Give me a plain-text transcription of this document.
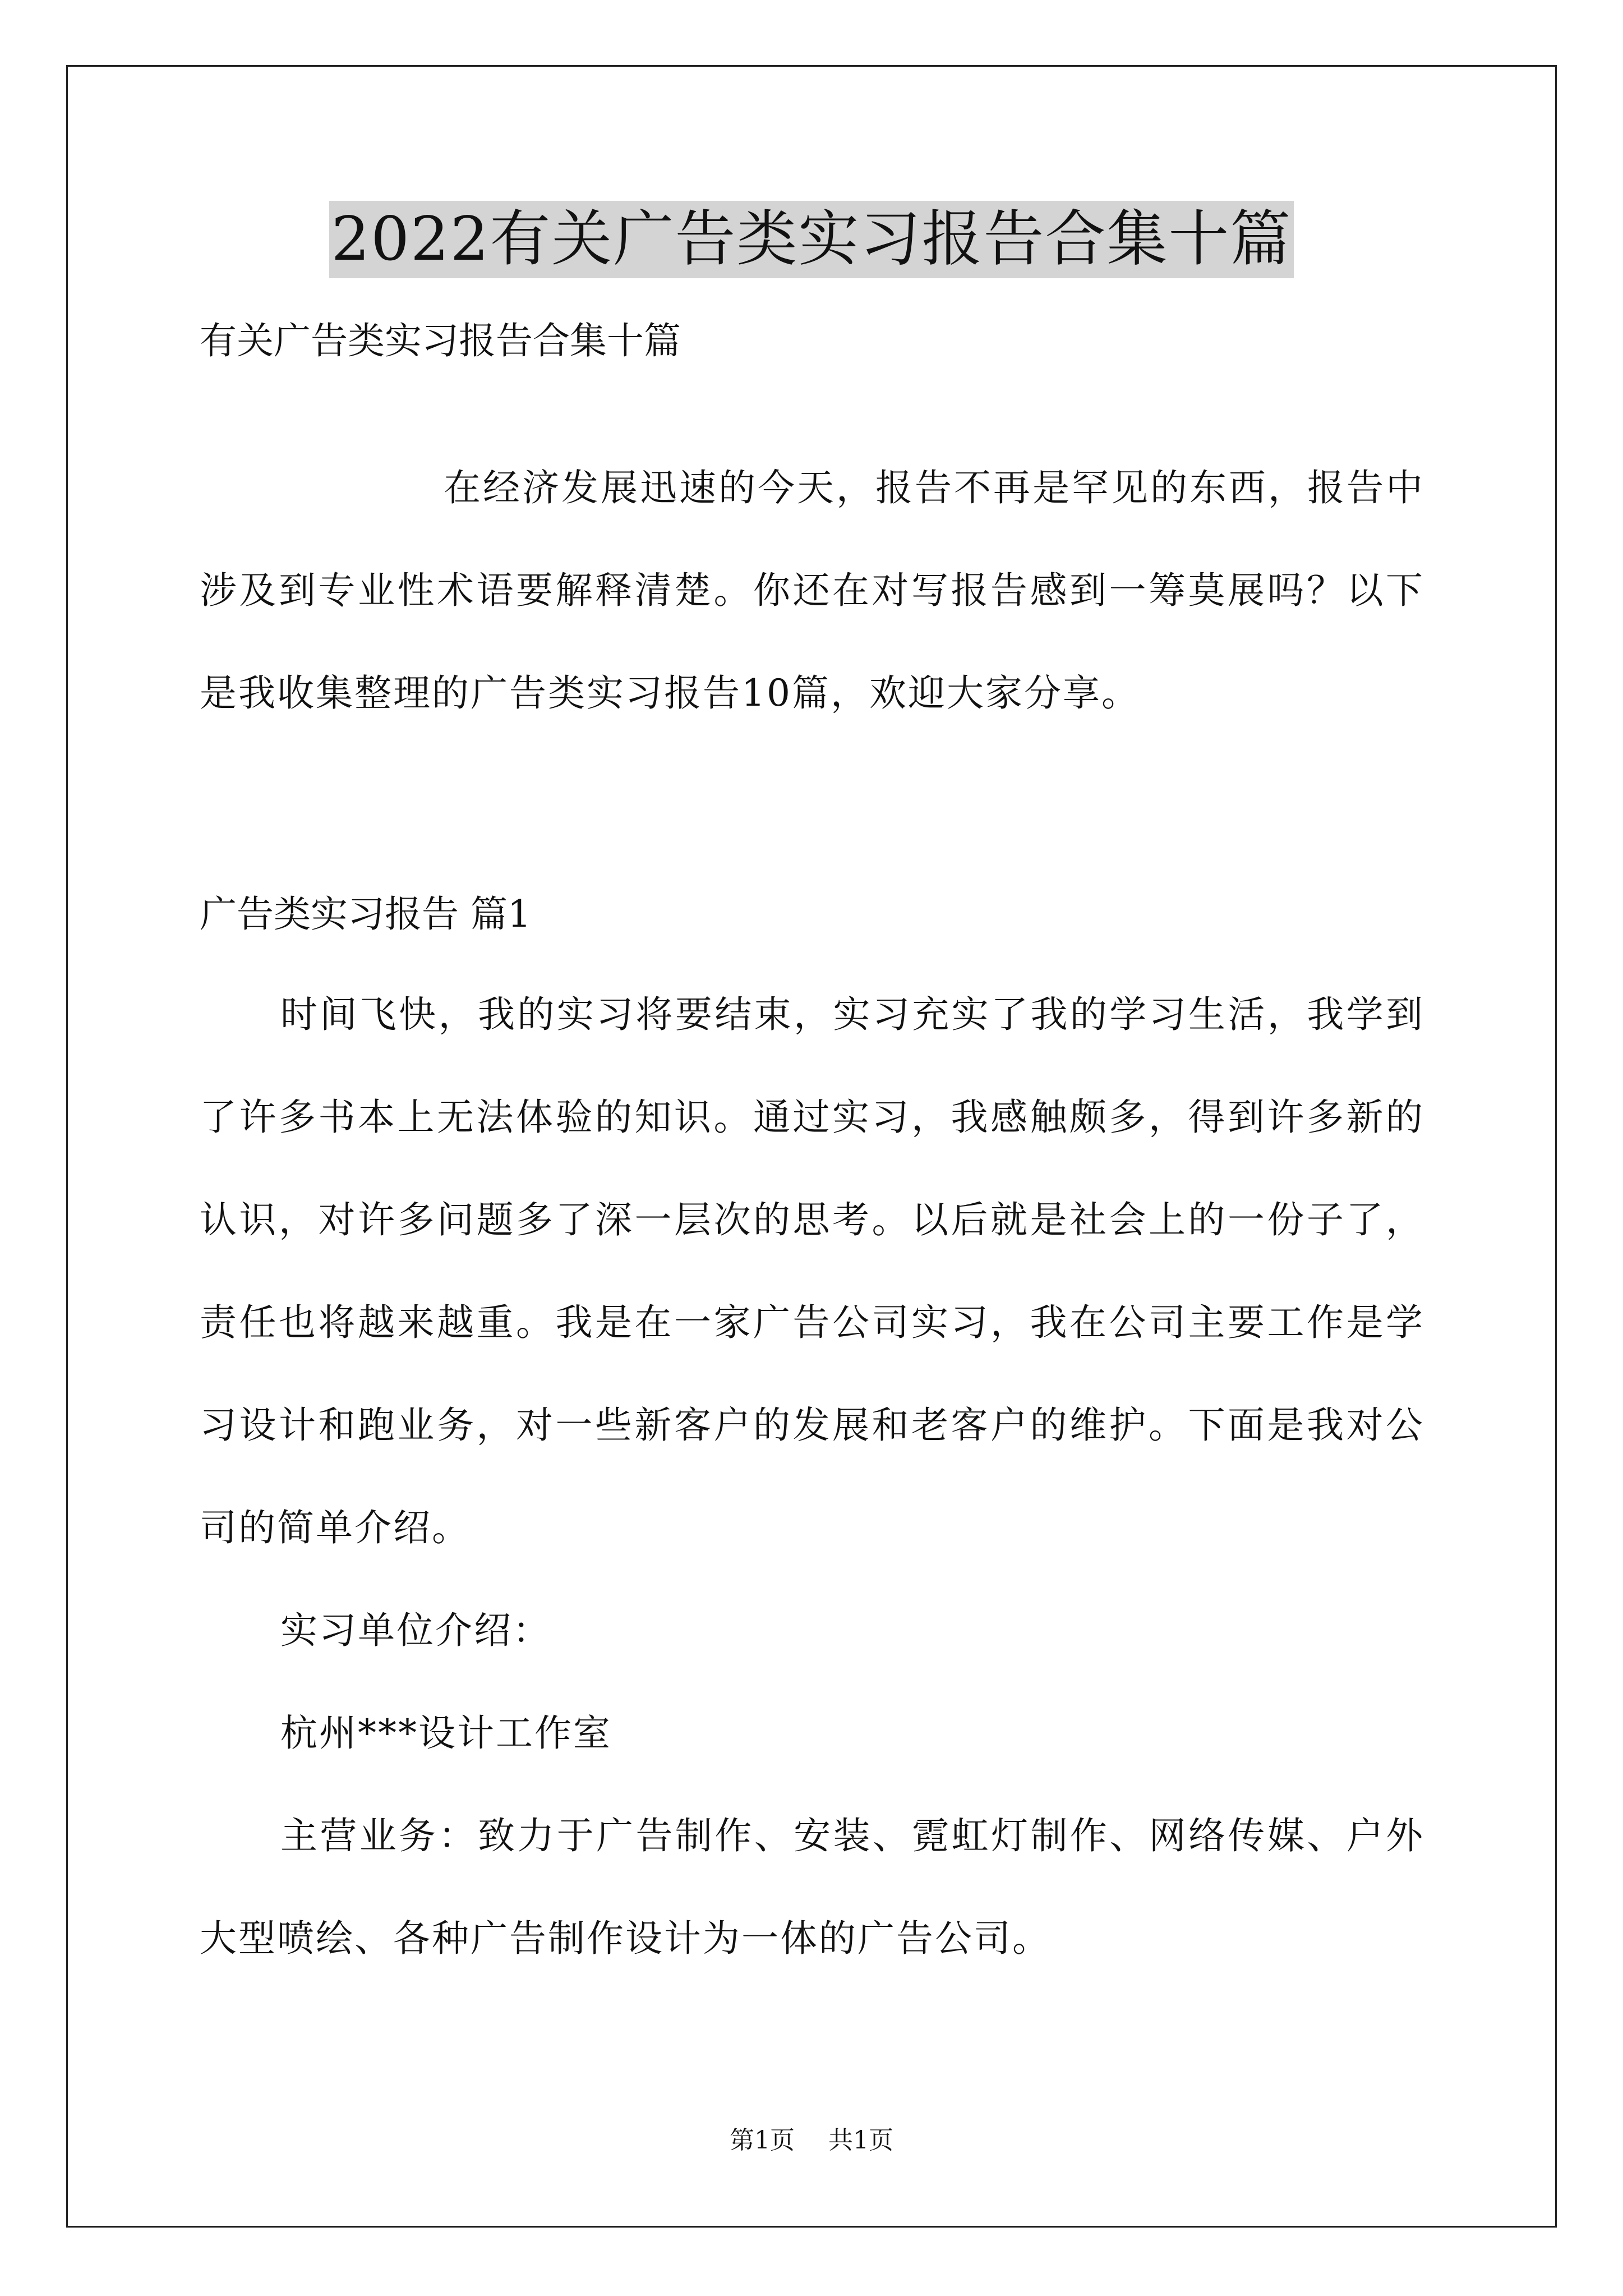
2022有关广告类实习报告合集十篇
有关广告类实习报告合集十篇
在经济发展迅速的今天，报告不再是罕见的东西，报告中涉及到专业性术语要解释清楚。你还在对写报告感到一筹莫展吗？以下是我收集整理的广告类实习报告10篇，欢迎大家分享。
广告类实习报告 篇1
时间飞快，我的实习将要结束，实习充实了我的学习生活，我学到了许多书本上无法体验的知识。通过实习，我感触颇多，得到许多新的认识，对许多问题多了深一层次的思考。以后就是社会上的一份子了，责任也将越来越重。我是在一家广告公司实习，我在公司主要工作是学习设计和跑业务，对一些新客户的发展和老客户的维护。下面是我对公司的简单介绍。
实习单位介绍：
杭州***设计工作室
主营业务：致力于广告制作、安装、霓虹灯制作、网络传媒、户外大型喷绘、各种广告制作设计为一体的广告公司。
第1页 共1页
